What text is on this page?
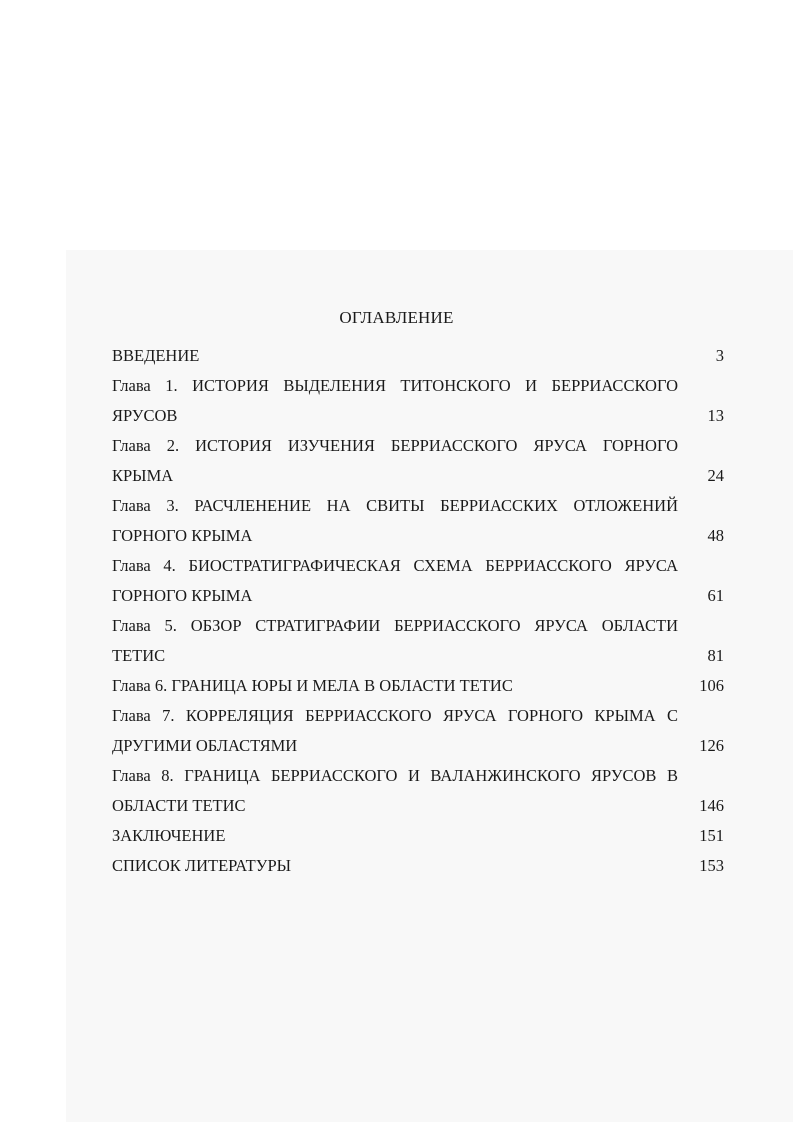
ОГЛАВЛЕНИЕ
ВВЕДЕНИЕ	3
Глава 1. ИСТОРИЯ ВЫДЕЛЕНИЯ ТИТОНСКОГО И БЕРРИАССКОГО
ЯРУСОВ	13
Глава 2. ИСТОРИЯ ИЗУЧЕНИЯ БЕРРИАССКОГО ЯРУСА ГОРНОГО
КРЫМА	24
Глава 3. РАСЧЛЕНЕНИЕ НА СВИТЫ БЕРРИАССКИХ ОТЛОЖЕНИЙ
ГОРНОГО КРЫМА	48
Глава 4. БИОСТРАТИГРАФИЧЕСКАЯ СХЕМА БЕРРИАССКОГО ЯРУСА
ГОРНОГО КРЫМА	61
Глава 5. ОБЗОР СТРАТИГРАФИИ БЕРРИАССКОГО ЯРУСА ОБЛАСТИ
ТЕТИС	81
Глава 6. ГРАНИЦА ЮРЫ И МЕЛА В ОБЛАСТИ ТЕТИС	106
Глава 7. КОРРЕЛЯЦИЯ БЕРРИАССКОГО ЯРУСА ГОРНОГО КРЫМА С
ДРУГИМИ ОБЛАСТЯМИ	126
Глава 8. ГРАНИЦА БЕРРИАССКОГО И ВАЛАНЖИНСКОГО ЯРУСОВ В
ОБЛАСТИ ТЕТИС	146
ЗАКЛЮЧЕНИЕ	151
СПИСОК ЛИТЕРАТУРЫ	153
